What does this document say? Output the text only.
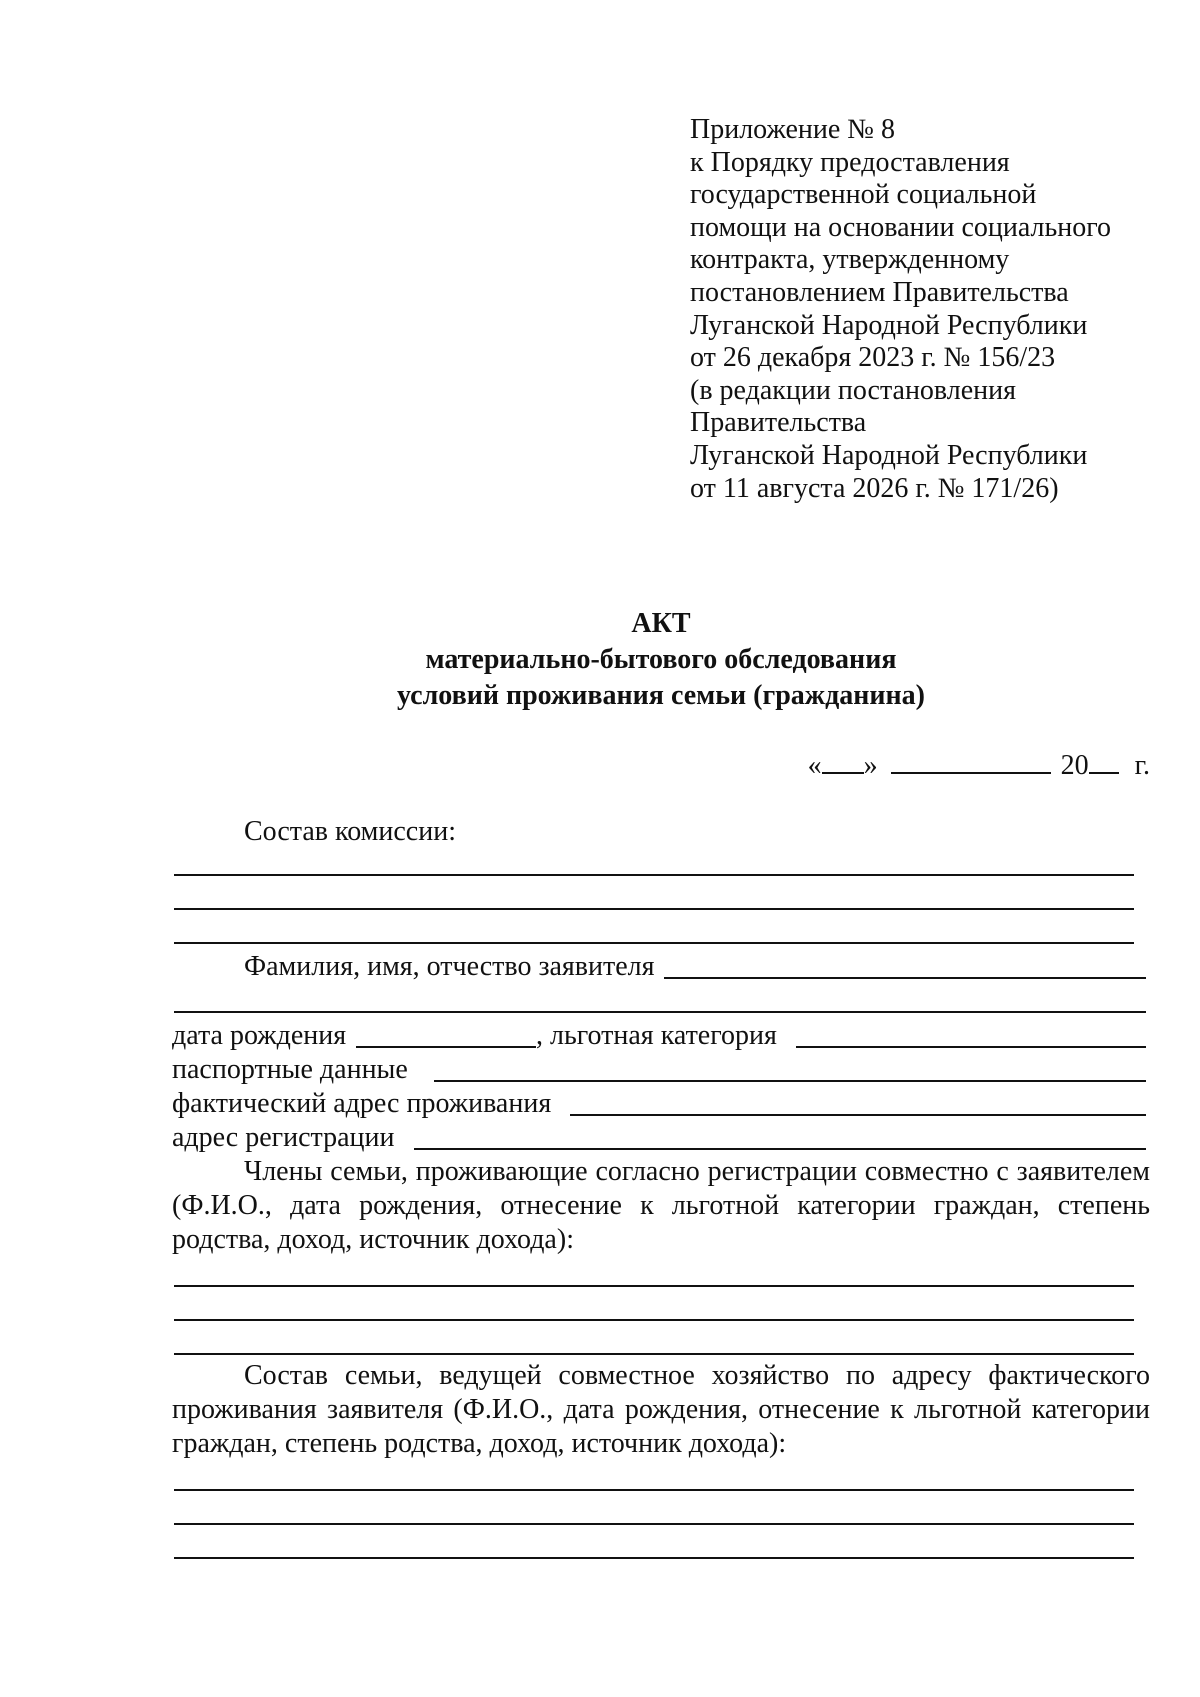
Приложение № 8
к Порядку предоставления
государственной социальной
помощи на основании социального
контракта, утвержденному
постановлением Правительства
Луганской Народной Республики
от 26 декабря 2023 г. № 156/23
(в редакции постановления
Правительства
Луганской Народной Республики
от 11 августа 2026 г. № 171/26)
АКТ
материально-бытового обследования
условий проживания семьи (гражданина)
« »	20 г.
Состав комиссии:
Фамилия, имя, отчество заявителя
дата рождения	, льготная категория
паспортные данные
фактический адрес проживания
адрес регистрации
Члены семьи, проживающие согласно регистрации совместно с заявителем (Ф.И.О., дата рождения, отнесение к льготной категории граждан, степень родства, доход, источник дохода):
Состав семьи, ведущей совместное хозяйство по адресу фактического проживания заявителя (Ф.И.О., дата рождения, отнесение к льготной категории граждан, степень родства, доход, источник дохода):
